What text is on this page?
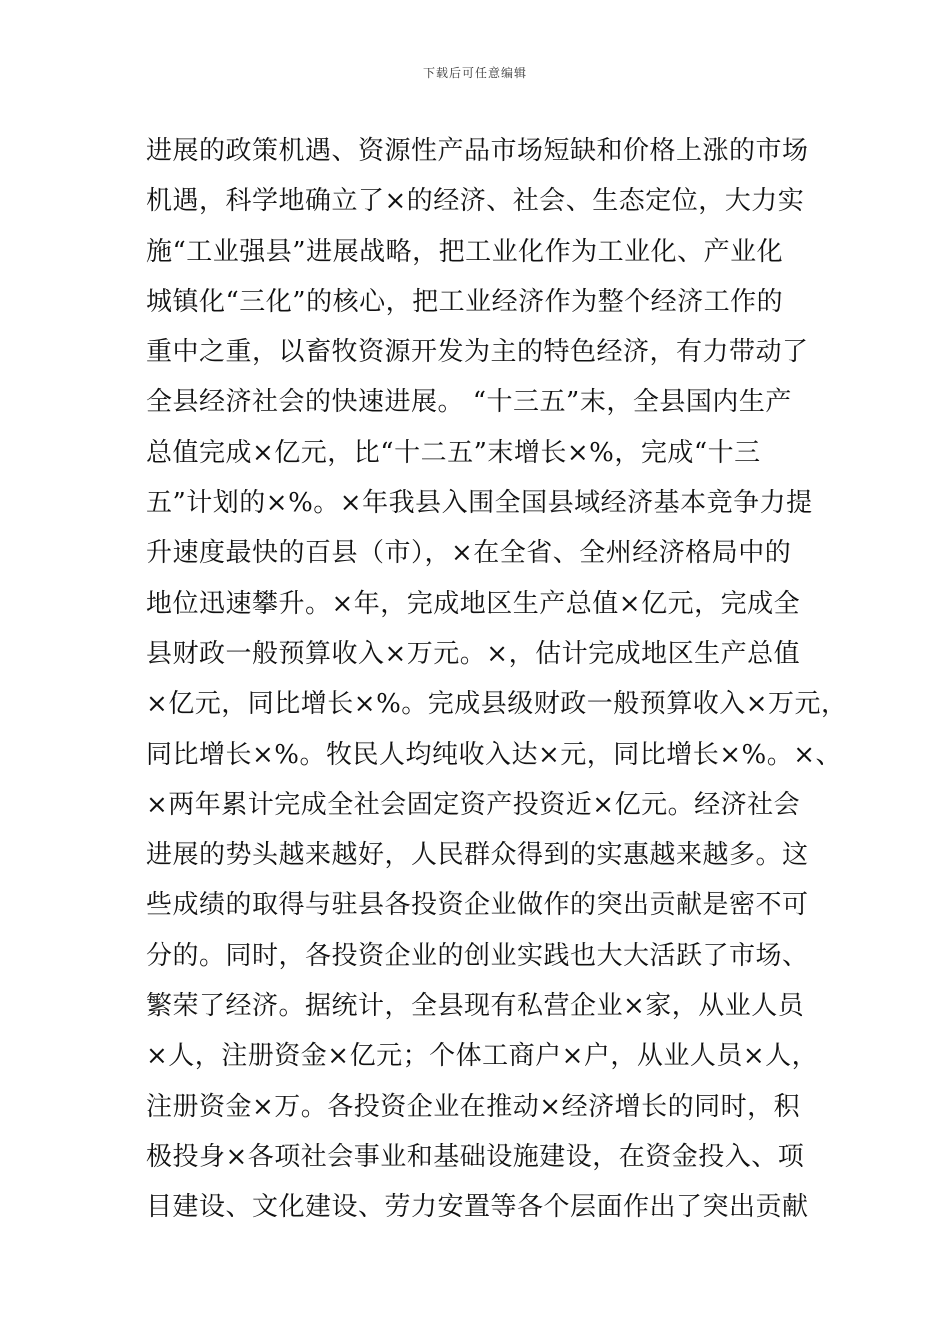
下载后可任意编辑
进展的政策机遇、资源性产品市场短缺和价格上涨的市场
机遇，科学地确立了×的经济、社会、生态定位，大力实
施“工业强县”进展战略，把工业化作为工业化、产业化
城镇化“三化”的核心，把工业经济作为整个经济工作的
重中之重，以畜牧资源开发为主的特色经济，有力带动了
全县经济社会的快速进展。 “十三五”末，全县国内生产
总值完成×亿元，比“十二五”末增长×%，完成“十三
五”计划的×%。×年我县入围全国县域经济基本竞争力提
升速度最快的百县（市），×在全省、全州经济格局中的
地位迅速攀升。×年，完成地区生产总值×亿元，完成全
县财政一般预算收入×万元。×，估计完成地区生产总值
×亿元，同比增长×%。完成县级财政一般预算收入×万元，
同比增长×%。牧民人均纯收入达×元，同比增长×%。×、
×两年累计完成全社会固定资产投资近×亿元。经济社会
进展的势头越来越好，人民群众得到的实惠越来越多。这
些成绩的取得与驻县各投资企业做作的突出贡献是密不可
分的。同时，各投资企业的创业实践也大大活跃了市场、
繁荣了经济。据统计，全县现有私营企业×家，从业人员
×人，注册资金×亿元；个体工商户×户，从业人员×人，
注册资金×万。各投资企业在推动×经济增长的同时，积
极投身×各项社会事业和基础设施建设，在资金投入、项
目建设、文化建设、劳力安置等各个层面作出了突出贡献
